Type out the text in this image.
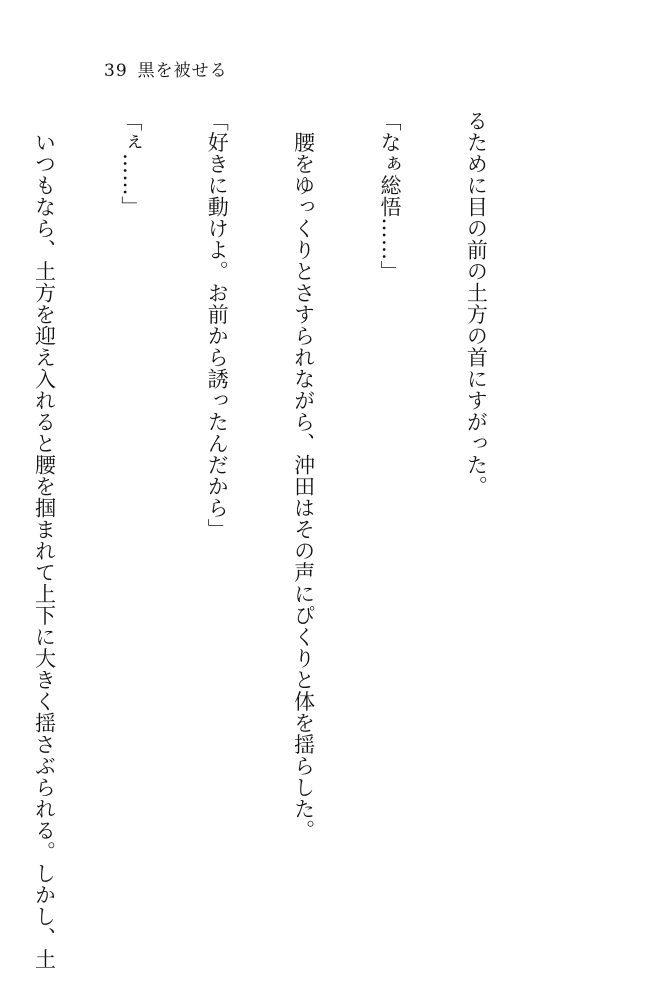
39 黒を被せる

るために目の前の土方の首にすがった。

「なぁ総悟……」

　腰をゆっくりとさすられながら、沖田はその声にぴくりと体を揺らした。

「好きに動けよ。お前から誘ったんだから」

「ぇ……」

　いつもなら、土方を迎え入れると腰を掴まれて上下に大きく揺さぶられる。しかし、土
